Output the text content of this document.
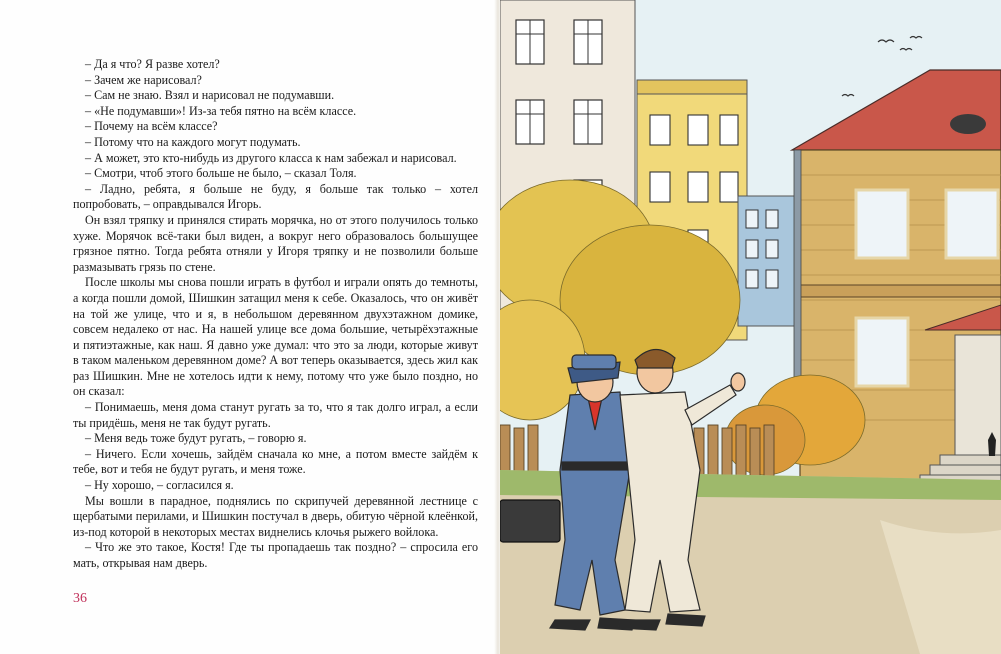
– Да я что? Я разве хотел?

– Зачем же нарисовал?

– Сам не знаю. Взял и нарисовал не подумавши.

– «Не подумавши»! Из-за тебя пятно на всём классе.

– Почему на всём классе?

– Потому что на каждого могут подумать.

– А может, это кто-нибудь из другого класса к нам забежал и нарисовал.

– Смотри, чтоб этого больше не было, – сказал Толя.

– Ладно, ребята, я больше не буду, я больше так только – хотел попробовать, – оправдывался Игорь.

Он взял тряпку и принялся стирать морячка, но от этого получилось только хуже. Морячок всё-таки был виден, а вокруг него образовалось большущее грязное пятно. Тогда ребята отняли у Игоря тряпку и не позволили больше размазывать грязь по стене.

После школы мы снова пошли играть в футбол и играли опять до темноты, а когда пошли домой, Шишкин затащил меня к себе. Оказалось, что он живёт на той же улице, что и я, в небольшом деревянном двухэтажном домике, совсем недалеко от нас. На нашей улице все дома большие, четырёхэтажные и пятиэтажные, как наш. Я давно уже думал: что это за люди, которые живут в таком маленьком деревянном доме? А вот теперь оказывается, здесь жил как раз Шишкин. Мне не хотелось идти к нему, потому что уже было поздно, но он сказал:

– Понимаешь, меня дома станут ругать за то, что я так долго играл, а если ты придёшь, меня не так будут ругать.

– Меня ведь тоже будут ругать, – говорю я.

– Ничего. Если хочешь, зайдём сначала ко мне, а потом вместе зайдём к тебе, вот и тебя не будут ругать, и меня тоже.

– Ну хорошо, – согласился я.

Мы вошли в парадное, поднялись по скрипучей деревянной лестнице с щербатыми перилами, и Шишкин постучал в дверь, обитую чёрной клеёнкой, из-под которой в некоторых местах виднелись клочья рыжего войлока.

– Что же это такое, Костя! Где ты пропадаешь так поздно? – спросила его мать, открывая нам дверь.

36
